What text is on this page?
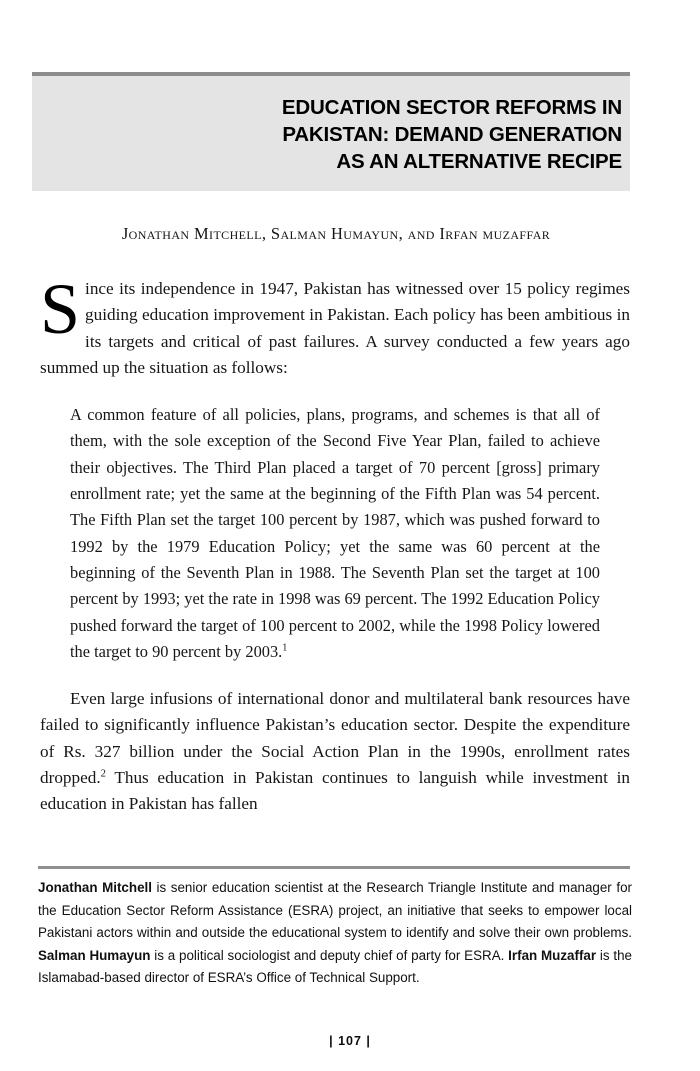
EDUCATION SECTOR REFORMS IN
PAKISTAN: DEMAND GENERATION
AS AN ALTERNATIVE RECIPE
Jonathan Mitchell, Salman Humayun, and Irfan muzaffar

Since its independence in 1947, Pakistan has witnessed over 15 policy regimes guiding education improvement in Pakistan. Each policy has been ambitious in its targets and critical of past failures. A survey conducted a few years ago summed up the situation as follows:

A common feature of all policies, plans, programs, and schemes is that all of them, with the sole exception of the Second Five Year Plan, failed to achieve their objectives. The Third Plan placed a target of 70 percent [gross] primary enrollment rate; yet the same at the beginning of the Fifth Plan was 54 percent. The Fifth Plan set the target 100 percent by 1987, which was pushed forward to 1992 by the 1979 Education Policy; yet the same was 60 percent at the beginning of the Seventh Plan in 1988. The Seventh Plan set the target at 100 percent by 1993; yet the rate in 1998 was 69 percent. The 1992 Education Policy pushed forward the target of 100 percent to 2002, while the 1998 Policy lowered the target to 90 percent by 2003.$^1$

Even large infusions of international donor and multilateral bank resources have failed to significantly influence Pakistan’s education sector. Despite the expenditure of Rs. 327 billion under the Social Action Plan in the 1990s, enrollment rates dropped.$^2$ Thus education in Pakistan continues to languish while investment in education in Pakistan has fallen

Jonathan Mitchell is senior education scientist at the Research Triangle Institute and manager for the Education Sector Reform Assistance (ESRA) project, an initiative that seeks to empower local Pakistani actors within and outside the educational system to identify and solve their own problems. Salman Humayun is a political sociologist and deputy chief of party for ESRA. Irfan Muzaffar is the Islamabad-based director of ESRA’s Office of Technical Support.
| 107 |
